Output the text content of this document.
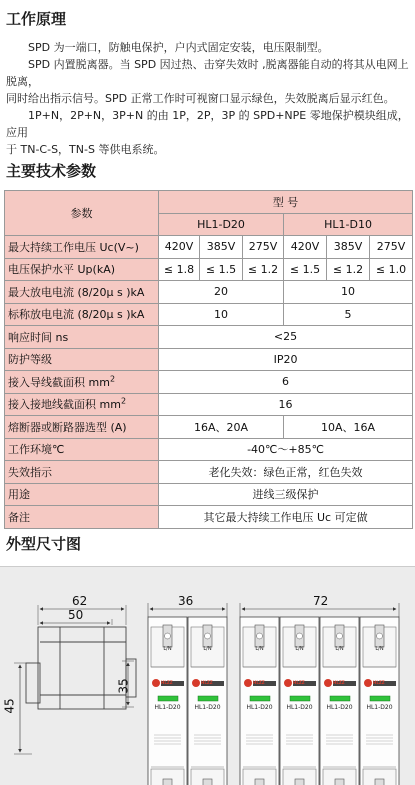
工作原理

SPD 为一端口，防触电保护，户内式固定安装，电压限制型。

SPD 内置脱离器。当 SPD 因过热、击穿失效时 ,脱离器能自动的将其从电网上脱离，

同时给出指示信号。SPD 正常工作时可视窗口显示绿色，失效脱离后显示红色。

1P+N，2P+N，3P+N 的由 1P，2P，3P 的 SPD+NPE 零地保护模块组成，应用

于 TN-C-S，TN-S 等供电系统。

主要技术参数
参数	型 号					
	HL1-D20			HL1-D10		
最大持续工作电压 Uc(V~)	420V	385V	275V	420V	385V	275V
电压保护水平 Up(kA)	≤ 1.8	≤ 1.5	≤ 1.2	≤ 1.5	≤ 1.2	≤ 1.0
最大放电电流 (8/20μ s )kA	20			10		
标称放电电流 (8/20μ s )kA	10			5		
响应时间 ns	<25					
防护等级	IP20					
接入导线截面积 $mm^2$	6					
接入接地线截面积 $mm^2$	16					
熔断器或断路器选型 (A)	16A、20A			10A、16A		
工作环境℃	-40℃～+85℃					
失效指示	老化失效：绿色正常，红色失效					
用途	进线三级保护					
备注	其它最大持续工作电压 Uc 可定做					
外型尺寸图
62
50
45
35
36	72
L/N	L/N	L/N	L/N	L/N	L/N
HLZZ	HLZZ	HLZZ	HLZZ	HLZZ	HLZZ
HL1-D20	HL1-D20	HL1-D20	HL1-D20	HL1-D20	HL1-D20
